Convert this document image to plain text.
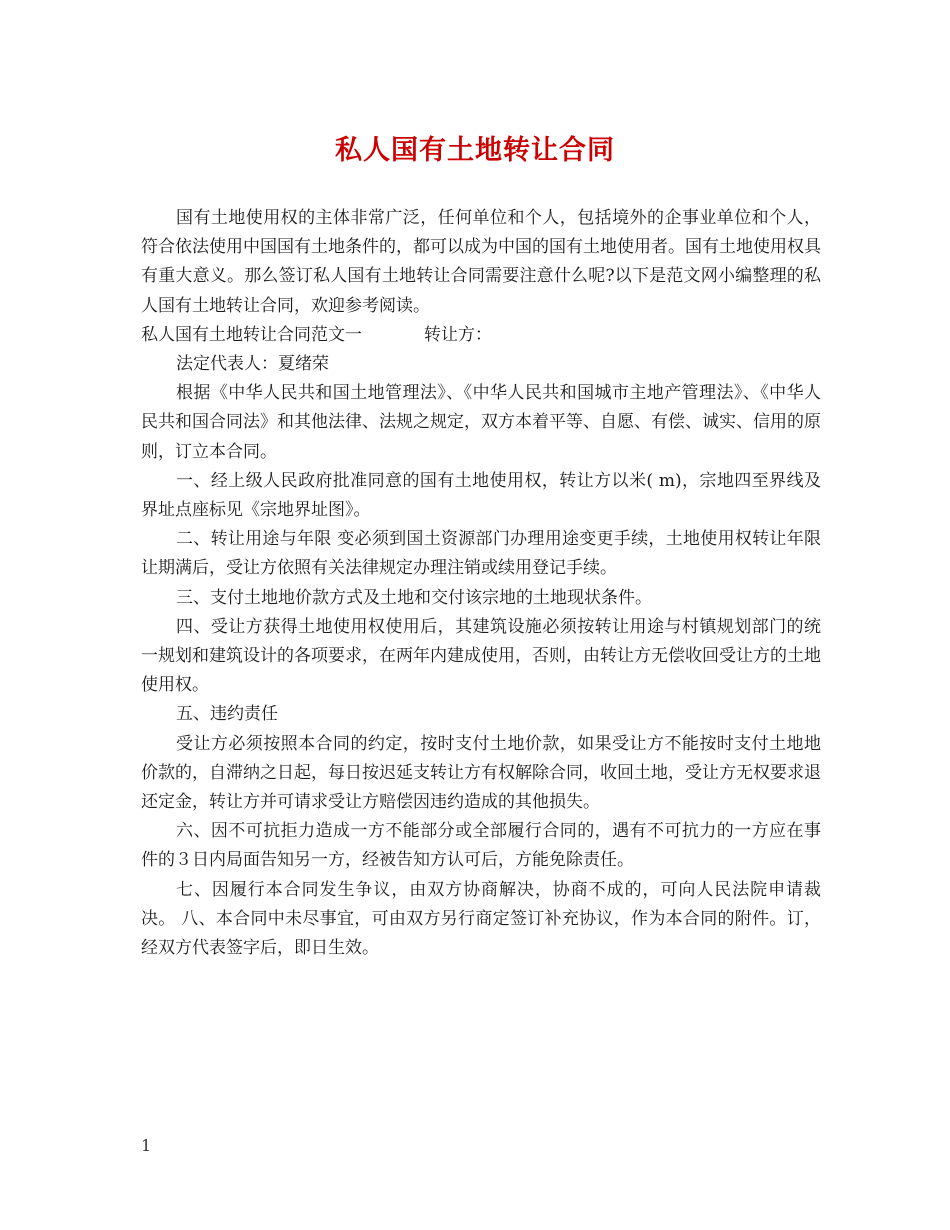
私人国有土地转让合同

国有土地使用权的主体非常广泛，任何单位和个人，包括境外的企事业单位和个人，符合依法使用中国国有土地条件的，都可以成为中国的国有土地使用者。国有土地使用权具有重大意义。那么签订私人国有土地转让合同需要注意什么呢?以下是范文网小编整理的私人国有土地转让合同，欢迎参考阅读。

私人国有土地转让合同范文一	转让方：

法定代表人：夏绪荣

根据《中华人民共和国土地管理法》、《中华人民共和国城市主地产管理法》、《中华人民共和国合同法》和其他法律、法规之规定，双方本着平等、自愿、有偿、诚实、信用的原则，订立本合同。

一、经上级人民政府批准同意的国有土地使用权，转让方以米( m)，宗地四至界线及界址点座标见《宗地界址图》。

二、转让用途与年限 变必须到国土资源部门办理用途变更手续，土地使用权转让年限让期满后，受让方依照有关法律规定办理注销或续用登记手续。

三、支付土地地价款方式及土地和交付该宗地的土地现状条件。

四、受让方获得土地使用权使用后，其建筑设施必须按转让用途与村镇规划部门的统一规划和建筑设计的各项要求，在两年内建成使用，否则，由转让方无偿收回受让方的土地使用权。

五、违约责任

受让方必须按照本合同的约定，按时支付土地价款，如果受让方不能按时支付土地地价款的，自滞纳之日起，每日按迟延支转让方有权解除合同，收回土地，受让方无权要求退还定金，转让方并可请求受让方赔偿因违约造成的其他损失。

六、因不可抗拒力造成一方不能部分或全部履行合同的，遇有不可抗力的一方应在事件的３日内局面告知另一方，经被告知方认可后，方能免除责任。

七、因履行本合同发生争议，由双方协商解决，协商不成的，可向人民法院申请裁决。 八、本合同中未尽事宜，可由双方另行商定签订补充协议，作为本合同的附件。订，经双方代表签字后，即日生效。

1
